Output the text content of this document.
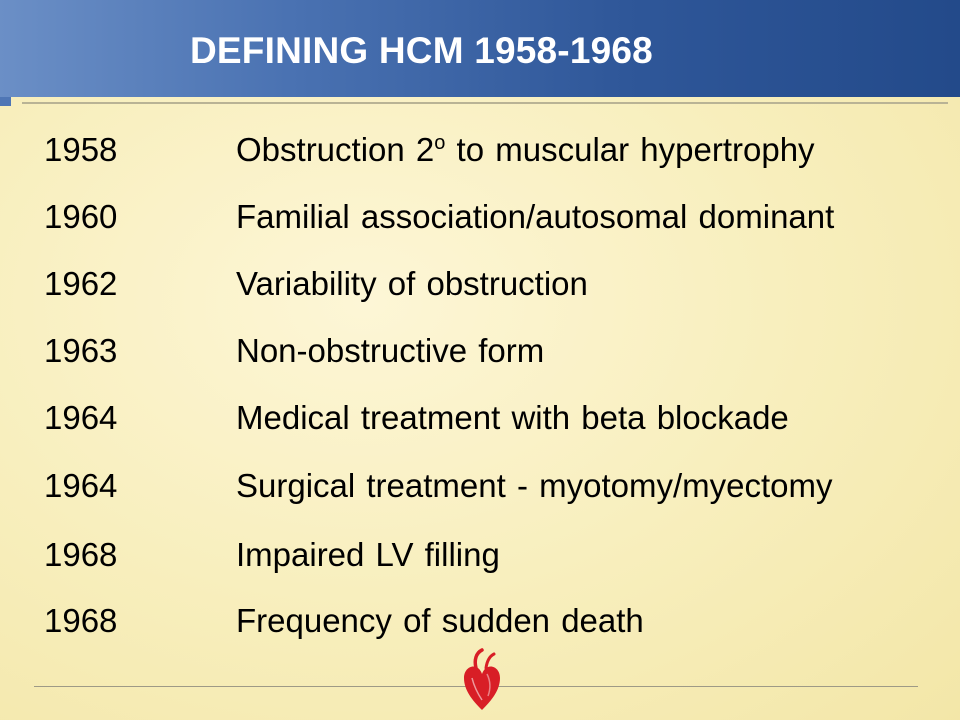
DEFINING HCM 1958-1968
1958	Obstruction 2$^o$ to muscular hypertrophy
1960	Familial association/autosomal dominant
1962	Variability of obstruction
1963	Non-obstructive form
1964	Medical treatment with beta blockade
1964	Surgical treatment - myotomy/myectomy
1968	Impaired LV filling
1968	Frequency of sudden death
